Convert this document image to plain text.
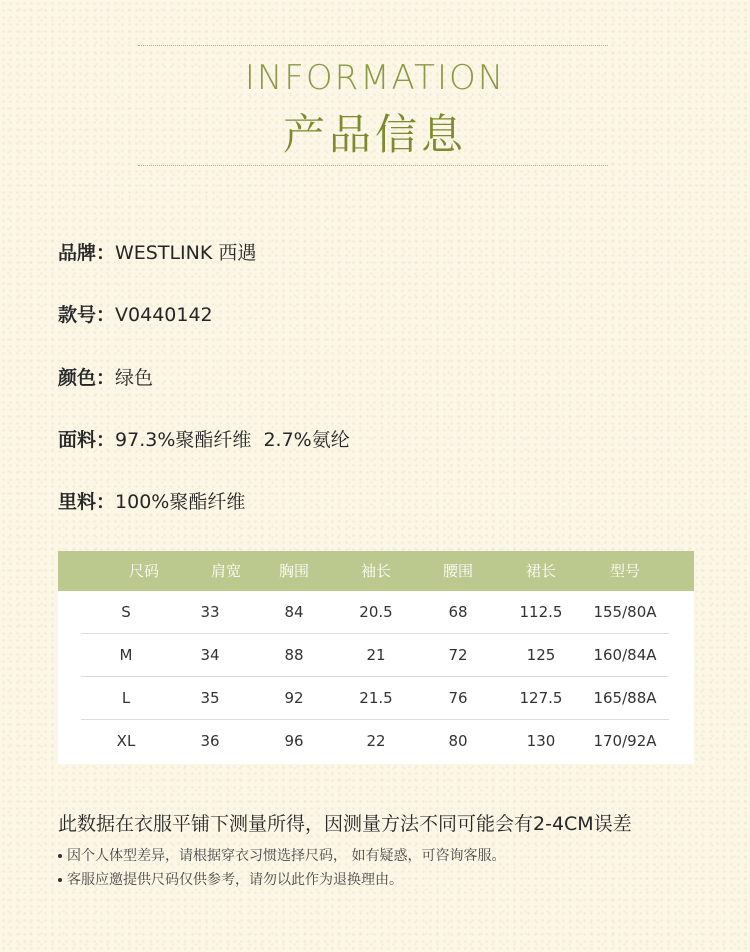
INFORMATION
产品信息
品牌：WESTLINK 西遇
款号：V0440142
颜色：绿色
面料：97.3%聚酯纤维  2.7%氨纶
里料：100%聚酯纤维
尺码	肩宽	胸围	袖长	腰围	裙长	型号
S	33	84	20.5	68	112.5	155/80A
M	34	88	21	72	125	160/84A
L	35	92	21.5	76	127.5	165/88A
XL	36	96	22	80	130	170/92A
此数据在衣服平铺下测量所得，因测量方法不同可能会有2-4CM误差
因个人体型差异，请根据穿衣习惯选择尺码， 如有疑惑，可咨询客服。
客服应邀提供尺码仅供参考，请勿以此作为退换理由。
